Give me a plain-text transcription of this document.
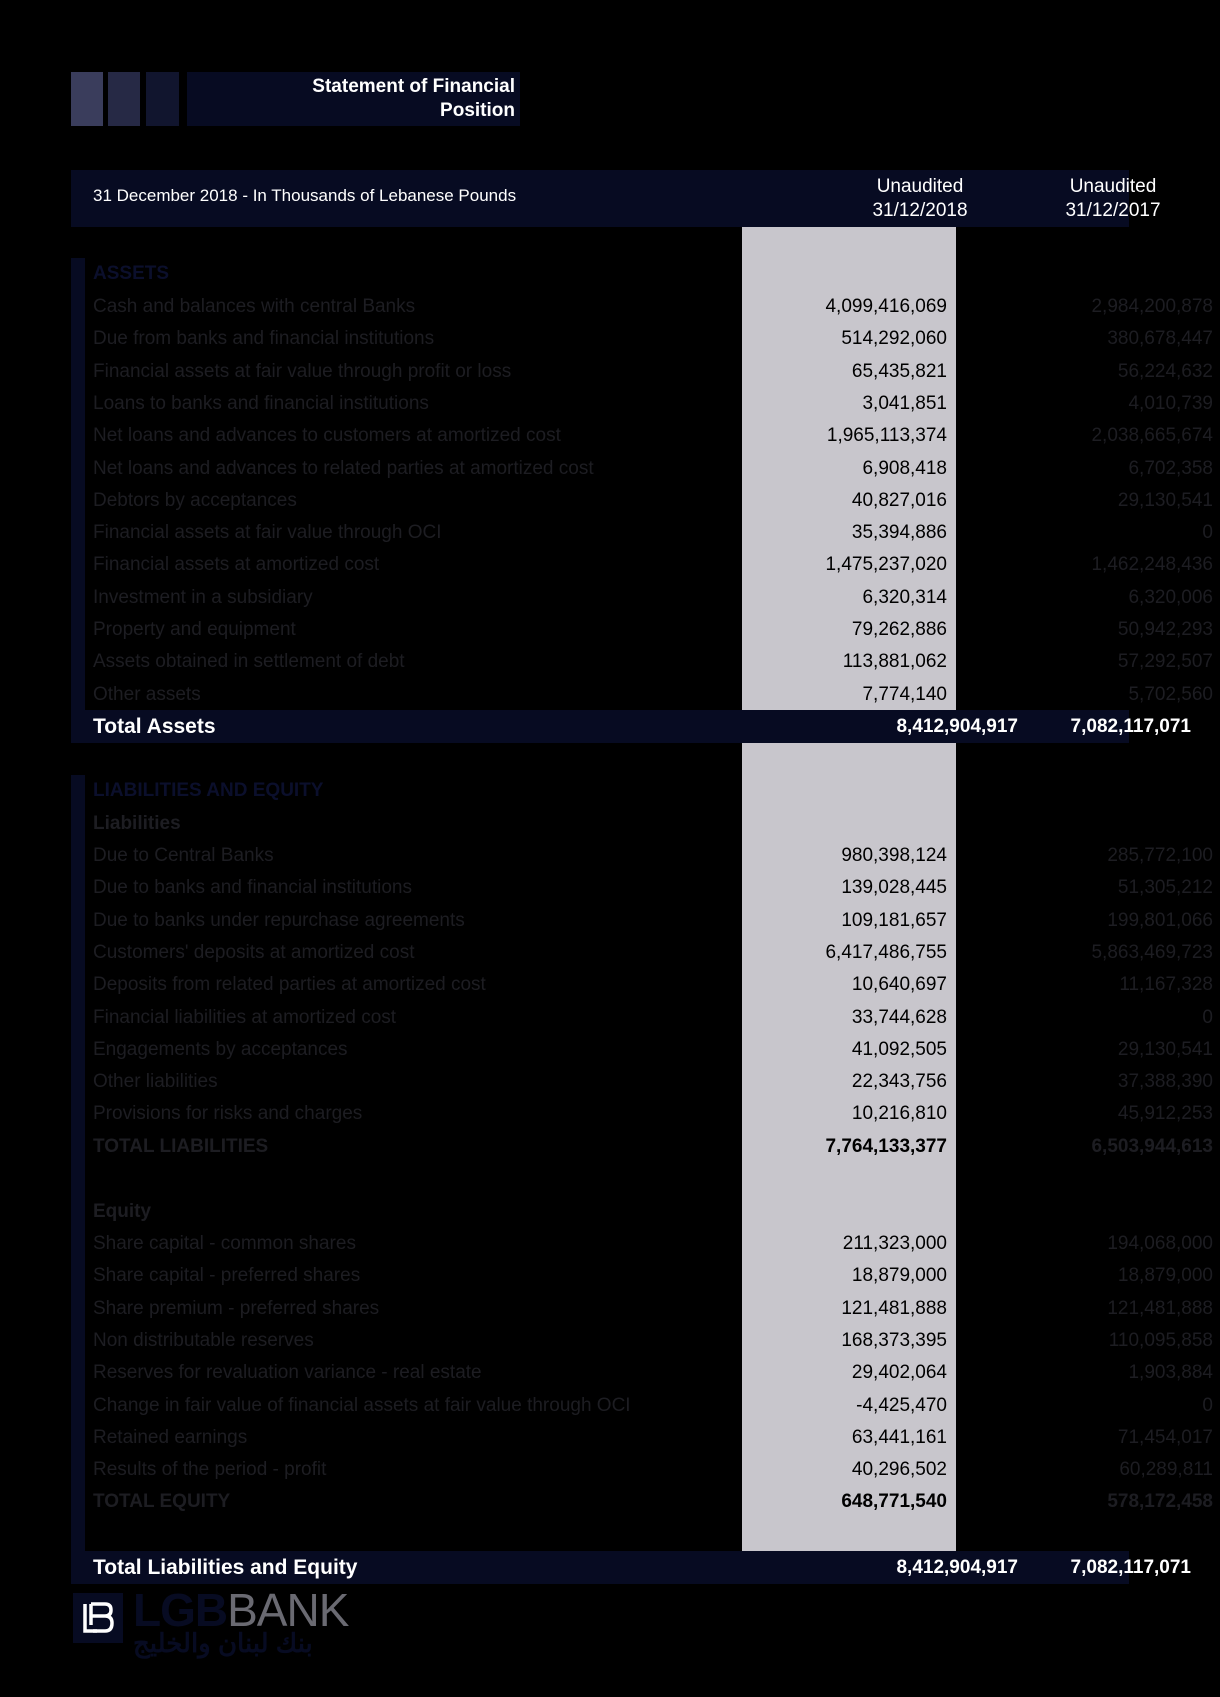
Statement of Financial
Position
31 December 2018 - In Thousands of Lebanese Pounds	Unaudited
31/12/2018
Unaudited
31/12/2017
ASSETS
Cash and balances with central Banks	4,099,416,069	2,984,200,878
Due from banks and financial institutions	514,292,060	380,678,447
Financial assets at fair value through profit or loss	65,435,821	56,224,632
Loans to banks and financial institutions	3,041,851	4,010,739
Net loans and advances to customers at amortized cost	1,965,113,374	2,038,665,674
Net loans and advances to related parties at amortized cost	6,908,418	6,702,358
Debtors by acceptances	40,827,016	29,130,541
Financial assets at fair value through OCI	35,394,886	0
Financial assets at amortized cost	1,475,237,020	1,462,248,436
Investment in a subsidiary	6,320,314	6,320,006
Property and equipment	79,262,886	50,942,293
Assets obtained in settlement of debt	113,881,062	57,292,507
Other assets	7,774,140	5,702,560
Total Assets	8,412,904,917	7,082,117,071
LIABILITIES AND EQUITY
Liabilities
Due to Central Banks	980,398,124	285,772,100
Due to banks and financial institutions	139,028,445	51,305,212
Due to banks under repurchase agreements	109,181,657	199,801,066
Customers' deposits at amortized cost	6,417,486,755	5,863,469,723
Deposits from related parties at amortized cost	10,640,697	11,167,328
Financial liabilities at amortized cost	33,744,628	0
Engagements by acceptances	41,092,505	29,130,541
Other liabilities	22,343,756	37,388,390
Provisions for risks and charges	10,216,810	45,912,253
TOTAL LIABILITIES	7,764,133,377	6,503,944,613
Equity
Share capital - common shares	211,323,000	194,068,000
Share capital - preferred shares	18,879,000	18,879,000
Share premium - preferred shares	121,481,888	121,481,888
Non distributable reserves	168,373,395	110,095,858
Reserves for revaluation variance - real estate	29,402,064	1,903,884
Change in fair value of financial assets at fair value through OCI	-4,425,470	0
Retained earnings	63,441,161	71,454,017
Results of the period - profit	40,296,502	60,289,811
TOTAL EQUITY	648,771,540	578,172,458
Total Liabilities and Equity	8,412,904,917	7,082,117,071
LGBBANK
بنك لبنان والخليج
